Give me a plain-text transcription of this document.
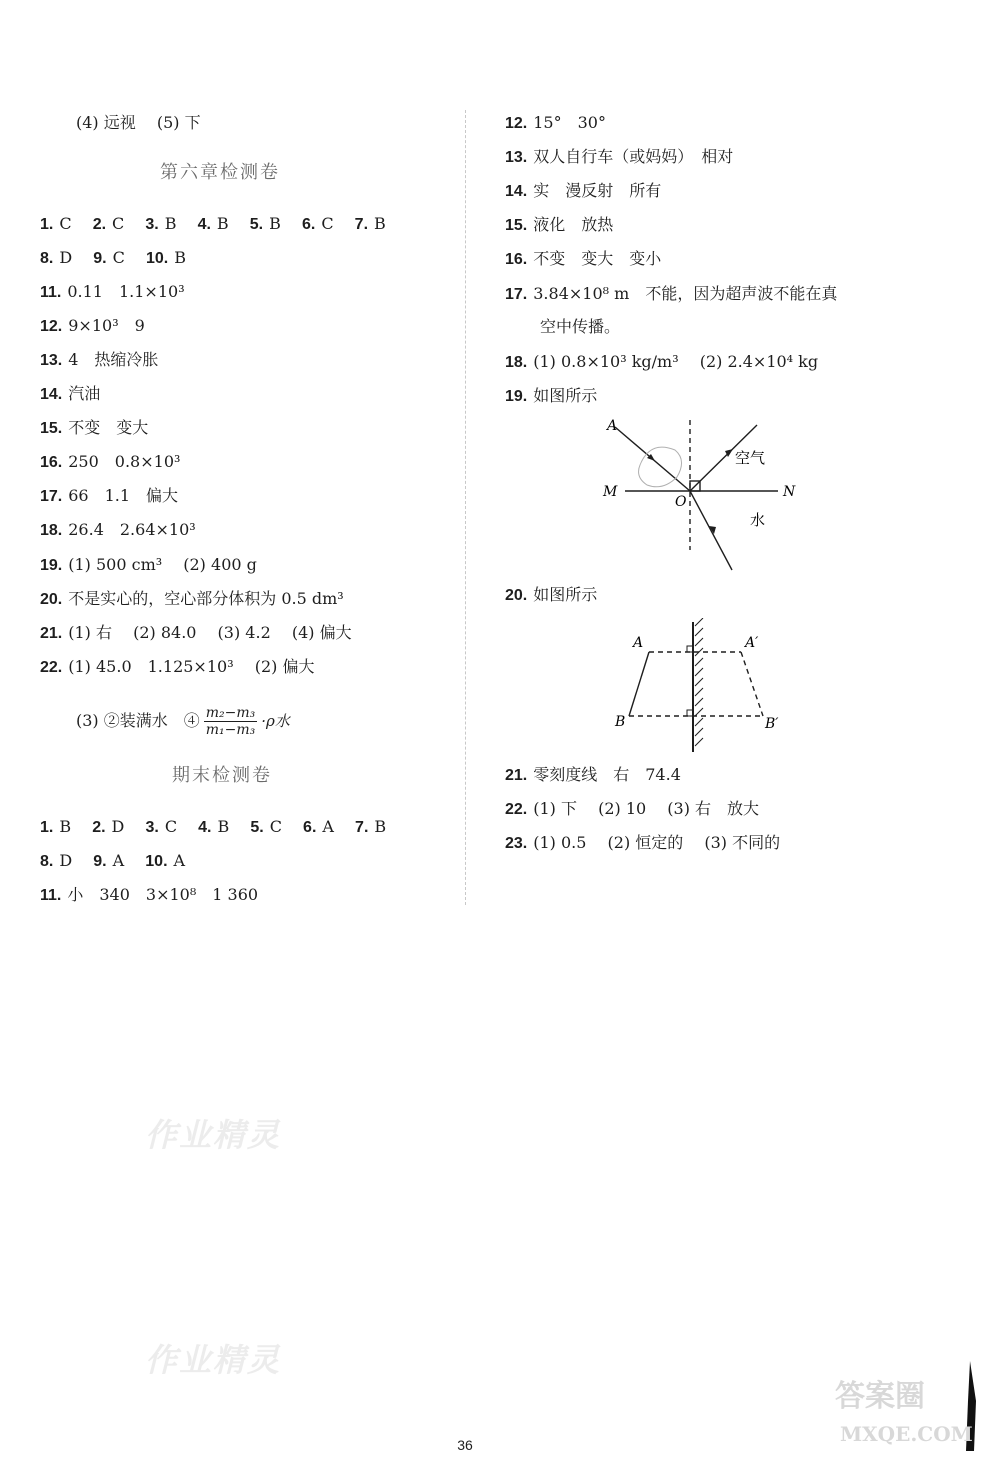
(4) 远视　 (5) 下
第六章检测卷
1. C 2. C 3. B 4. B 5. B 6. C 7. B
8. D 9. C 10. B
11. 0.11　1.1×10³
12. 9×10³　9
13. 4　热缩冷胀
14. 汽油
15. 不变　变大
16. 250　0.8×10³
17. 66　1.1　偏大
18. 26.4　2.64×10³
19. (1) 500 cm³　 (2) 400 g
20. 不是实心的，空心部分体积为 0.5 dm³
21. (1) 右　 (2) 84.0　 (3) 4.2　 (4) 偏大
22. (1) 45.0　1.125×10³　 (2) 偏大
(3) ②装满水　④ $\frac{\text{m₂−m₃}}{\text{m₁−m₃}} \cdot\rho$水
期末检测卷
1. B 2. D 3. C 4. B 5. C 6. A 7. B
8. D 9. A 10. A
11. 小　340　3×10⁸　1 360
12. 15°　30°
13. 双人自行车（或妈妈）　相对
14. 实　漫反射　所有
15. 液化　放热
16. 不变　变大　变小
17. 3.84×10⁸ m　不能，因为超声波不能在真
空中传播。
18. (1) 0.8×10³ kg/m³　 (2) 2.4×10⁴ kg
19. 如图所示
A
M
O
N
空气
水
20. 如图所示
A	A′
B	B′
21. 零刻度线　右　74.4
22. (1) 下　 (2) 10　 (3) 右　放大
23. (1) 0.5　 (2) 恒定的　 (3) 不同的
作业精灵
作业精灵
36
答案圈
MXQE.COM
